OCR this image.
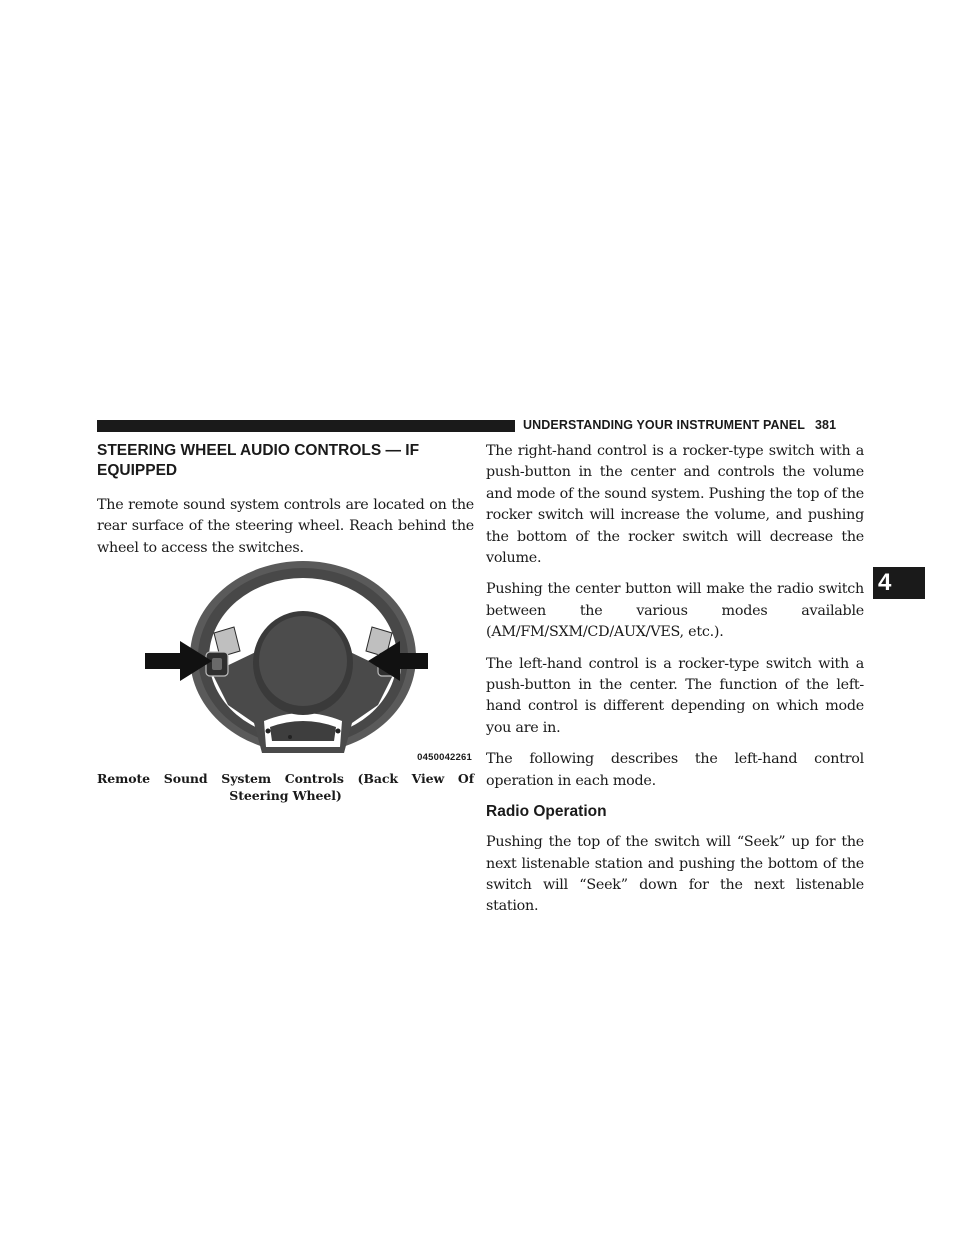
UNDERSTANDING YOUR INSTRUMENT PANEL 381
4
STEERING WHEEL AUDIO CONTROLS — IF EQUIPPED

The remote sound system controls are located on the rear surface of the steering wheel. Reach behind the wheel to access the switches.

0450042261
Remote Sound System Controls (Back View Of Steering Wheel)

The right-hand control is a rocker-type switch with a push-button in the center and controls the volume and mode of the sound system. Pushing the top of the rocker switch will increase the volume, and pushing the bottom of the rocker switch will decrease the volume.

Pushing the center button will make the radio switch between the various modes available (AM/FM/SXM/CD/AUX/VES, etc.).

The left-hand control is a rocker-type switch with a push-button in the center. The function of the left-hand control is different depending on which mode you are in.

The following describes the left-hand control operation in each mode.

Radio Operation

Pushing the top of the switch will “Seek” up for the next listenable station and pushing the bottom of the switch will “Seek” down for the next listenable station.
